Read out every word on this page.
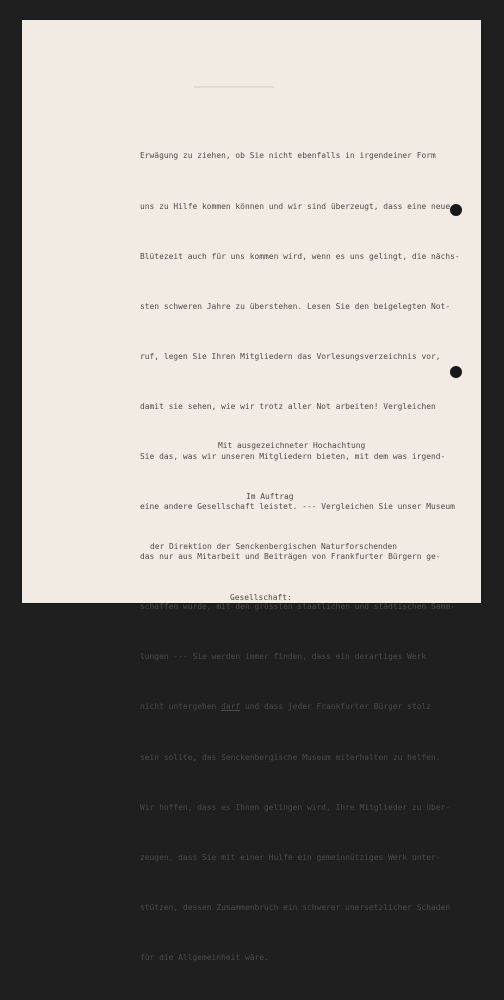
Erwägung zu ziehen, ob Sie nicht ebenfalls in irgendeiner Form

uns zu Hilfe kommen können und wir sind überzeugt, dass eine neue

Blütezeit auch für uns kommen wird, wenn es uns gelingt, die nächs-

sten schweren Jahre zu überstehen. Lesen Sie den beigelegten Not-

ruf, legen Sie Ihren Mitgliedern das Vorlesungsverzeichnis vor,

damit sie sehen, wie wir trotz aller Not arbeiten! Vergleichen

Sie das, was wir unseren Mitgliedern bieten, mit dem was irgend-

eine andere Gesellschaft leistet. --- Vergleichen Sie unser Museum

das nur aus Mitarbeit und Beiträgen von Frankfurter Bürgern ge-

schaffen wurde, mit den grössten staatlichen und städtischen Samm-

lungen --- Sie werden immer finden, dass ein derartiges Werk

nicht untergehen darf und dass jeder Frankfurter Bürger stolz

sein sollte, das Senckenbergische Museum miterhalten zu helfen.

Wir hoffen, dass es Ihnen gelingen wird, Ihre Mitglieder zu über-

zeugen, dass Sie mit einer Hulfe ein gemeinnütziges Werk unter-

stützen, dessen Zusammenbruch ein schwerer unersetzlicher Schaden

für die Allgemeinheit wäre.

Mit ausgezeichneter Hochachtung

Im Auftrag

der Direktion der Senckenbergischen Naturforschenden

Gesellschaft:
